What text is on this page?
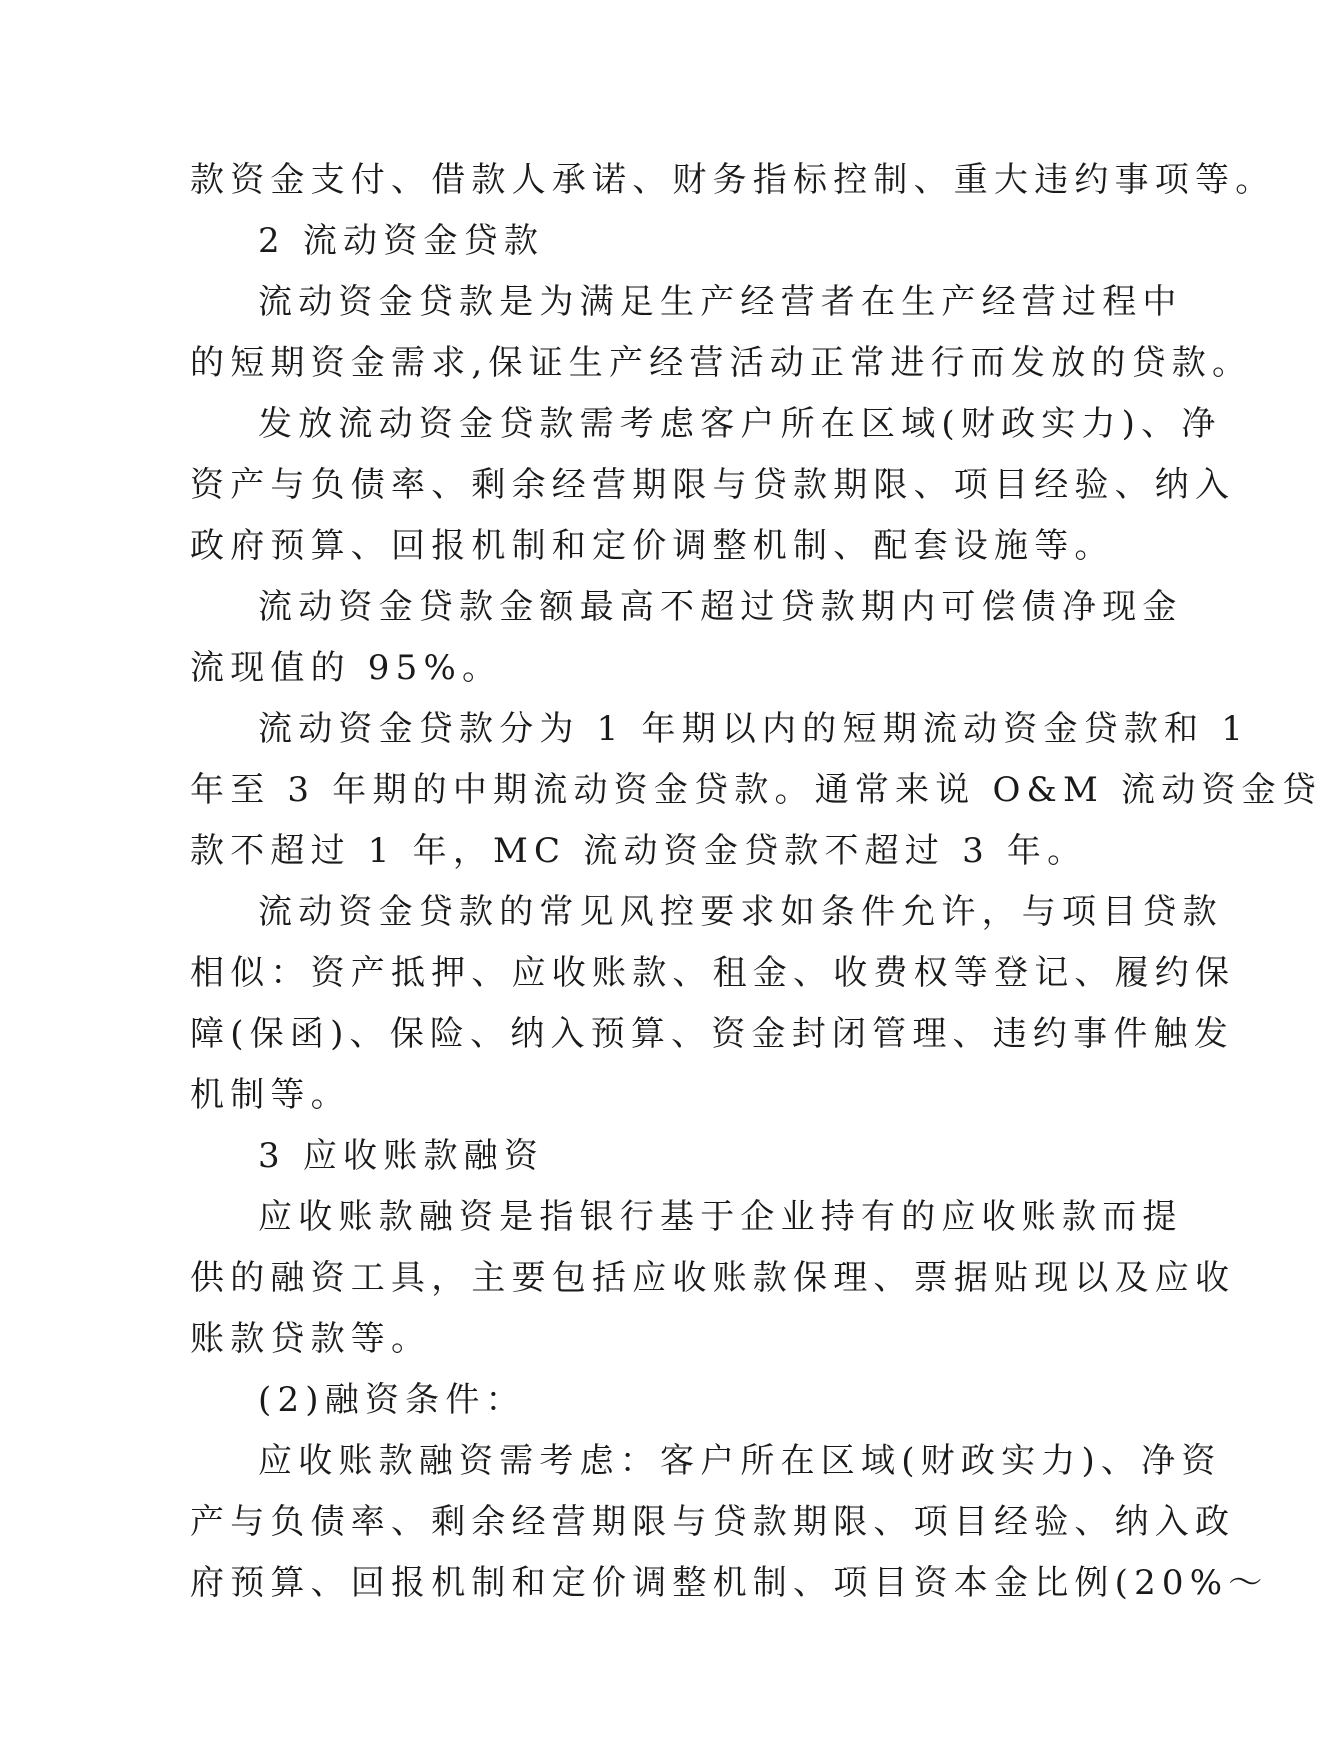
款资金支付、借款人承诺、财务指标控制、重大违约事项等。
2 流动资金贷款
流动资金贷款是为满足生产经营者在生产经营过程中
的短期资金需求,保证生产经营活动正常进行而发放的贷款。
发放流动资金贷款需考虑客户所在区域(财政实力)、净
资产与负债率、剩余经营期限与贷款期限、项目经验、纳入
政府预算、回报机制和定价调整机制、配套设施等。
流动资金贷款金额最高不超过贷款期内可偿债净现金
流现值的 95%。
流动资金贷款分为 1 年期以内的短期流动资金贷款和 1
年至 3 年期的中期流动资金贷款。通常来说 O&M 流动资金贷
款不超过 1 年，MC 流动资金贷款不超过 3 年。
流动资金贷款的常见风控要求如条件允许，与项目贷款
相似：资产抵押、应收账款、租金、收费权等登记、履约保
障(保函)、保险、纳入预算、资金封闭管理、违约事件触发
机制等。
3 应收账款融资
应收账款融资是指银行基于企业持有的应收账款而提
供的融资工具，主要包括应收账款保理、票据贴现以及应收
账款贷款等。
(2)融资条件：
应收账款融资需考虑：客户所在区域(财政实力)、净资
产与负债率、剩余经营期限与贷款期限、项目经验、纳入政
府预算、回报机制和定价调整机制、项目资本金比例(20%～
